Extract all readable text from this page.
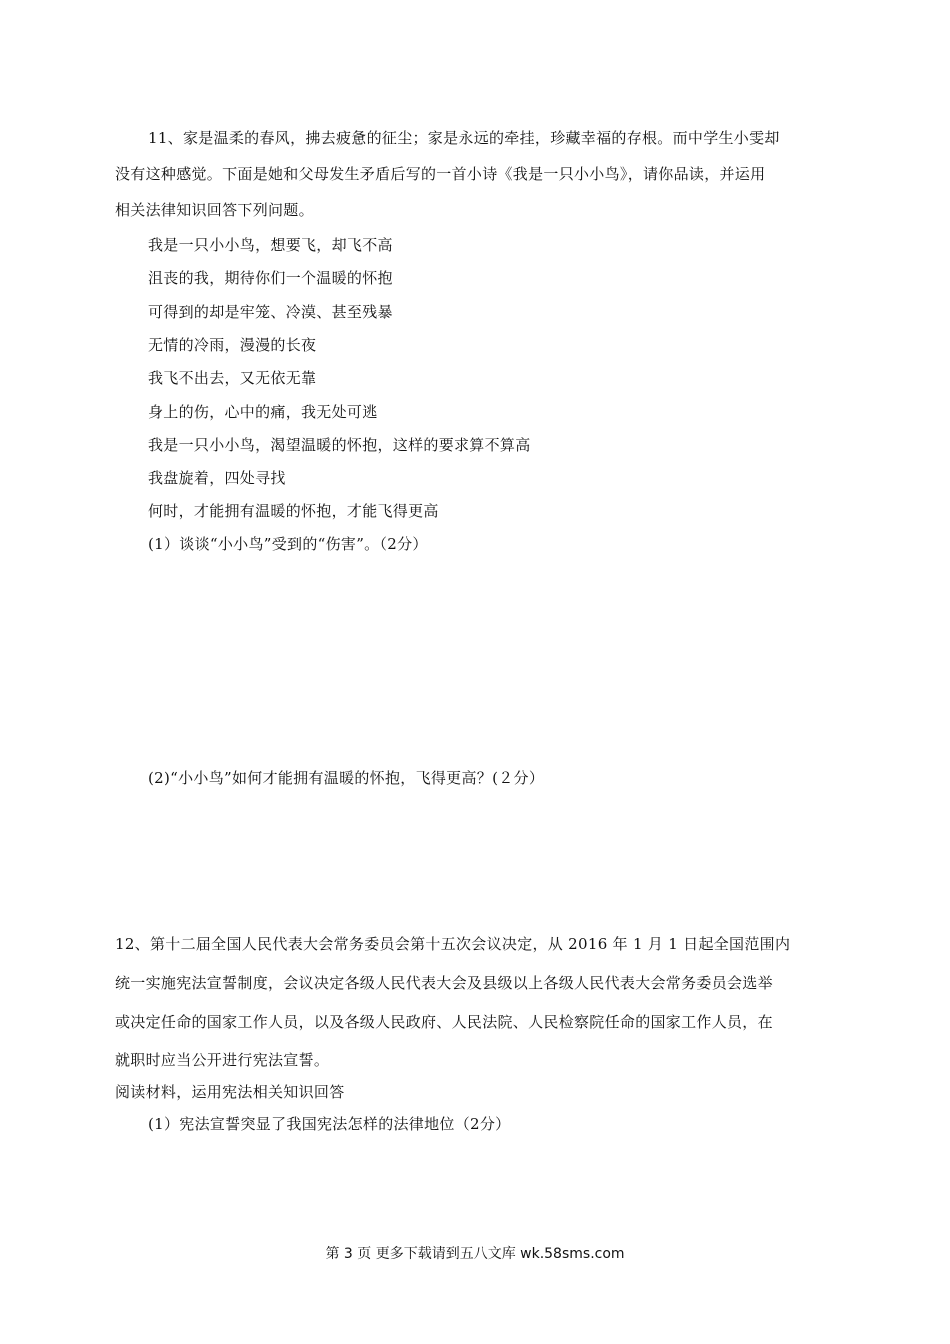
11、家是温柔的春风，拂去疲惫的征尘；家是永远的牵挂，珍藏幸福的存根。而中学生小雯却
没有这种感觉。下面是她和父母发生矛盾后写的一首小诗《我是一只小小鸟》，请你品读，并运用
相关法律知识回答下列问题。
我是一只小小鸟，想要飞，却飞不高
沮丧的我，期待你们一个温暖的怀抱
可得到的却是牢笼、冷漠、甚至残暴
无情的冷雨，漫漫的长夜
我飞不出去，又无依无靠
身上的伤，心中的痛，我无处可逃
我是一只小小鸟，渴望温暖的怀抱，这样的要求算不算高
我盘旋着，四处寻找
何时，才能拥有温暖的怀抱，才能飞得更高
(1）谈谈“小小鸟”受到的“伤害”。（2分）
(2)“小小鸟”如何才能拥有温暖的怀抱，飞得更高？(２分）
12、第十二届全国人民代表大会常务委员会第十五次会议决定，从 2016 年 1 月 1 日起全国范围内
统一实施宪法宣誓制度，会议决定各级人民代表大会及县级以上各级人民代表大会常务委员会选举
或决定任命的国家工作人员，以及各级人民政府、人民法院、人民检察院任命的国家工作人员，在
就职时应当公开进行宪法宣誓。
阅读材料，运用宪法相关知识回答
(1）宪法宣誓突显了我国宪法怎样的法律地位（2分）
第 3 页 更多下载请到五八文库 wk.58sms.com
